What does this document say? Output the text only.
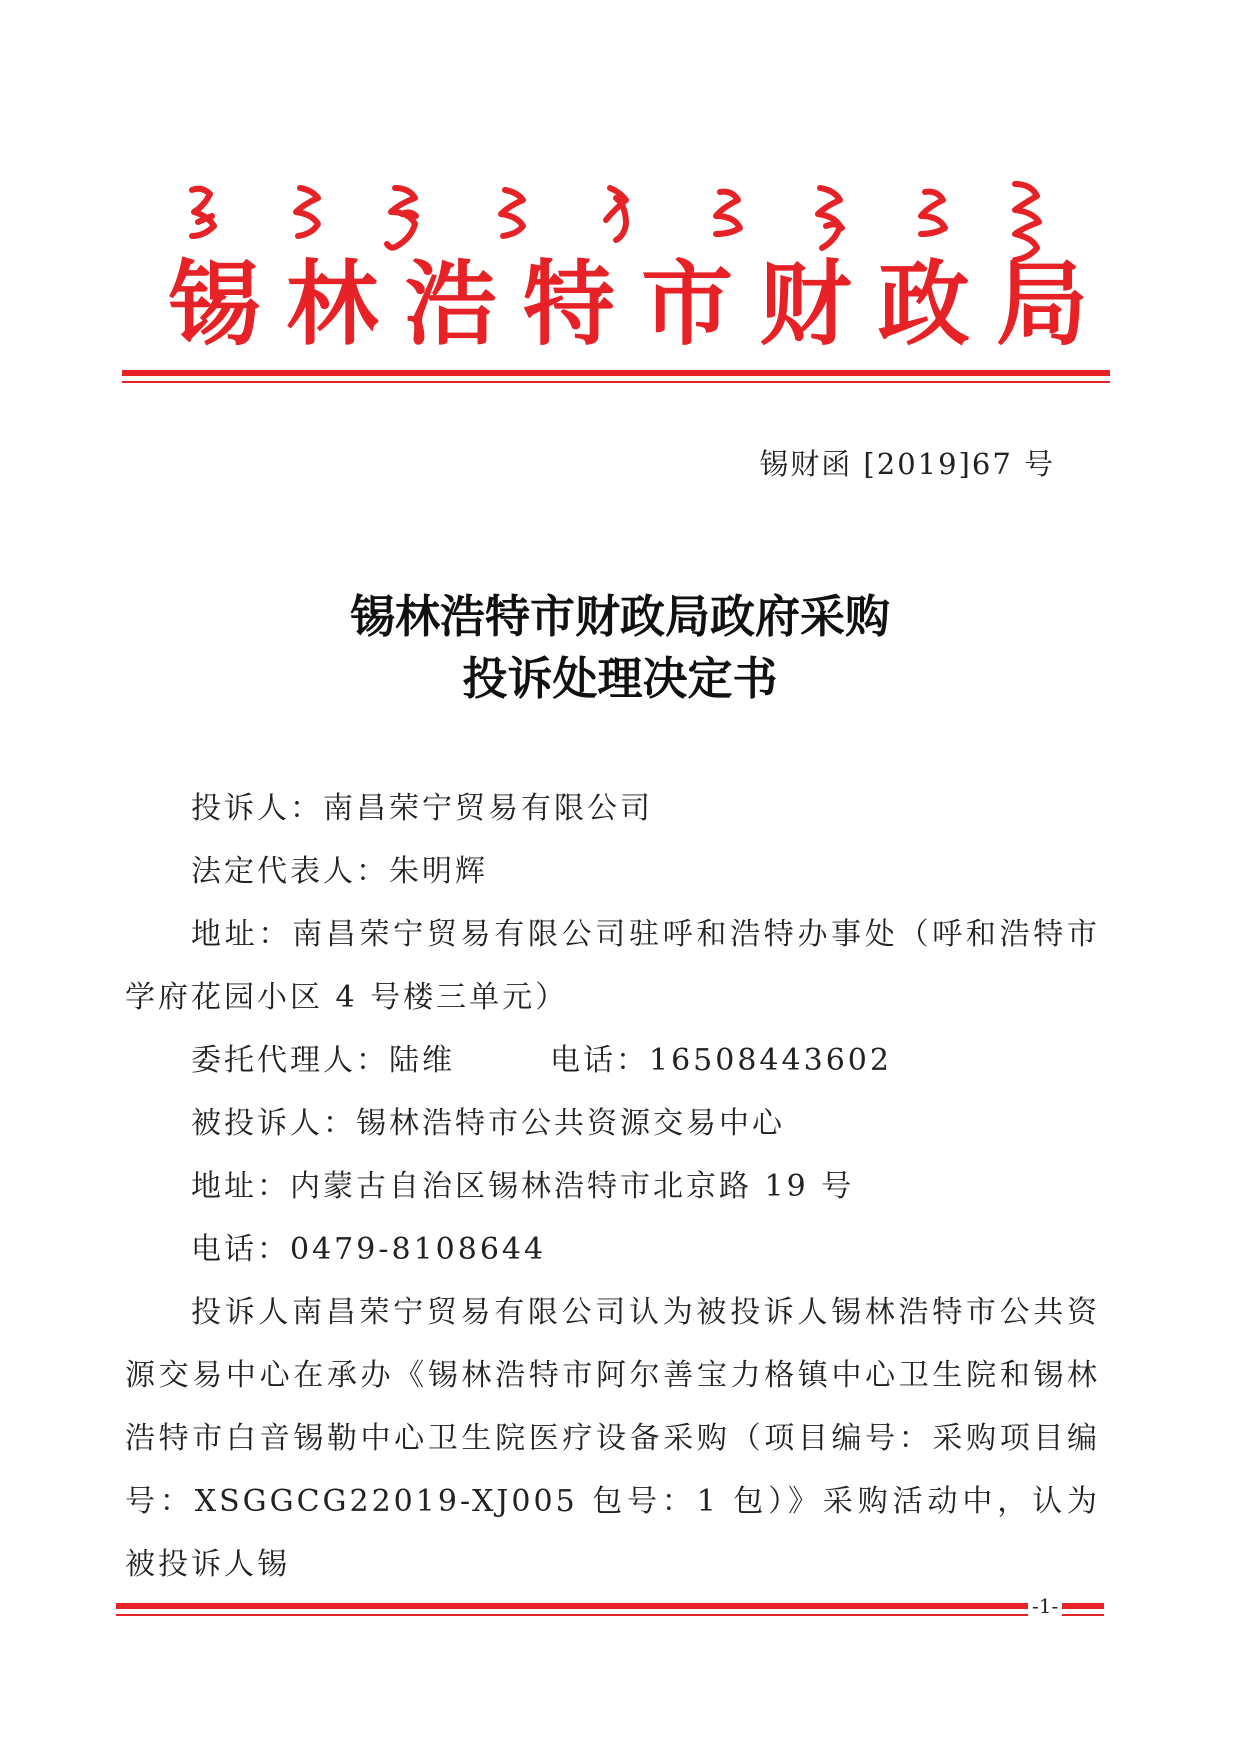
锡 林 浩 特 市 财 政 局
锡财函 [2019]67 号
锡林浩特市财政局政府采购
投诉处理决定书

投诉人：南昌荣宁贸易有限公司

法定代表人：朱明辉

地址：南昌荣宁贸易有限公司驻呼和浩特办事处（呼和浩特市学府花园小区 4 号楼三单元）

委托代理人：陆维	电话：16508443602

被投诉人：锡林浩特市公共资源交易中心

地址：内蒙古自治区锡林浩特市北京路 19 号

电话：0479-8108644

投诉人南昌荣宁贸易有限公司认为被投诉人锡林浩特市公共资源交易中心在承办《锡林浩特市阿尔善宝力格镇中心卫生院和锡林浩特市白音锡勒中心卫生院医疗设备采购（项目编号：采购项目编号：XSGGCG22019-XJ005 包号：1 包）》采购活动中，认为被投诉人锡

-1-
